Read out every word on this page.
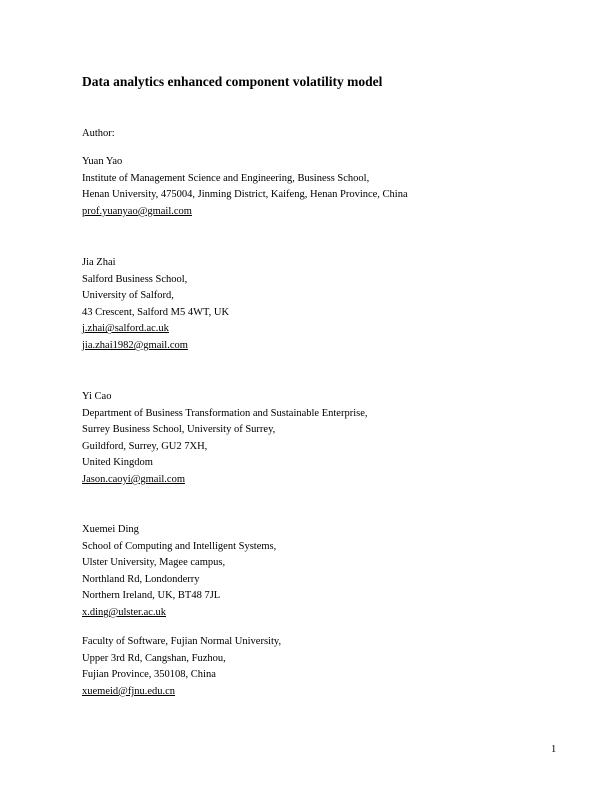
Data analytics enhanced component volatility model
Author:
Yuan Yao
Institute of Management Science and Engineering, Business School,
Henan University, 475004, Jinming District, Kaifeng, Henan Province, China
prof.yuanyao@gmail.com
Jia Zhai
Salford Business School,
University of Salford,
43 Crescent, Salford M5 4WT, UK
j.zhai@salford.ac.uk
jia.zhai1982@gmail.com
Yi Cao
Department of Business Transformation and Sustainable Enterprise,
Surrey Business School, University of Surrey,
Guildford, Surrey, GU2 7XH,
United Kingdom
Jason.caoyi@gmail.com
Xuemei Ding
School of Computing and Intelligent Systems,
Ulster University, Magee campus,
Northland Rd, Londonderry
Northern Ireland, UK, BT48 7JL
x.ding@ulster.ac.uk
Faculty of Software, Fujian Normal University,
Upper 3rd Rd, Cangshan, Fuzhou,
Fujian Province, 350108, China
xuemeid@fjnu.edu.cn
1
